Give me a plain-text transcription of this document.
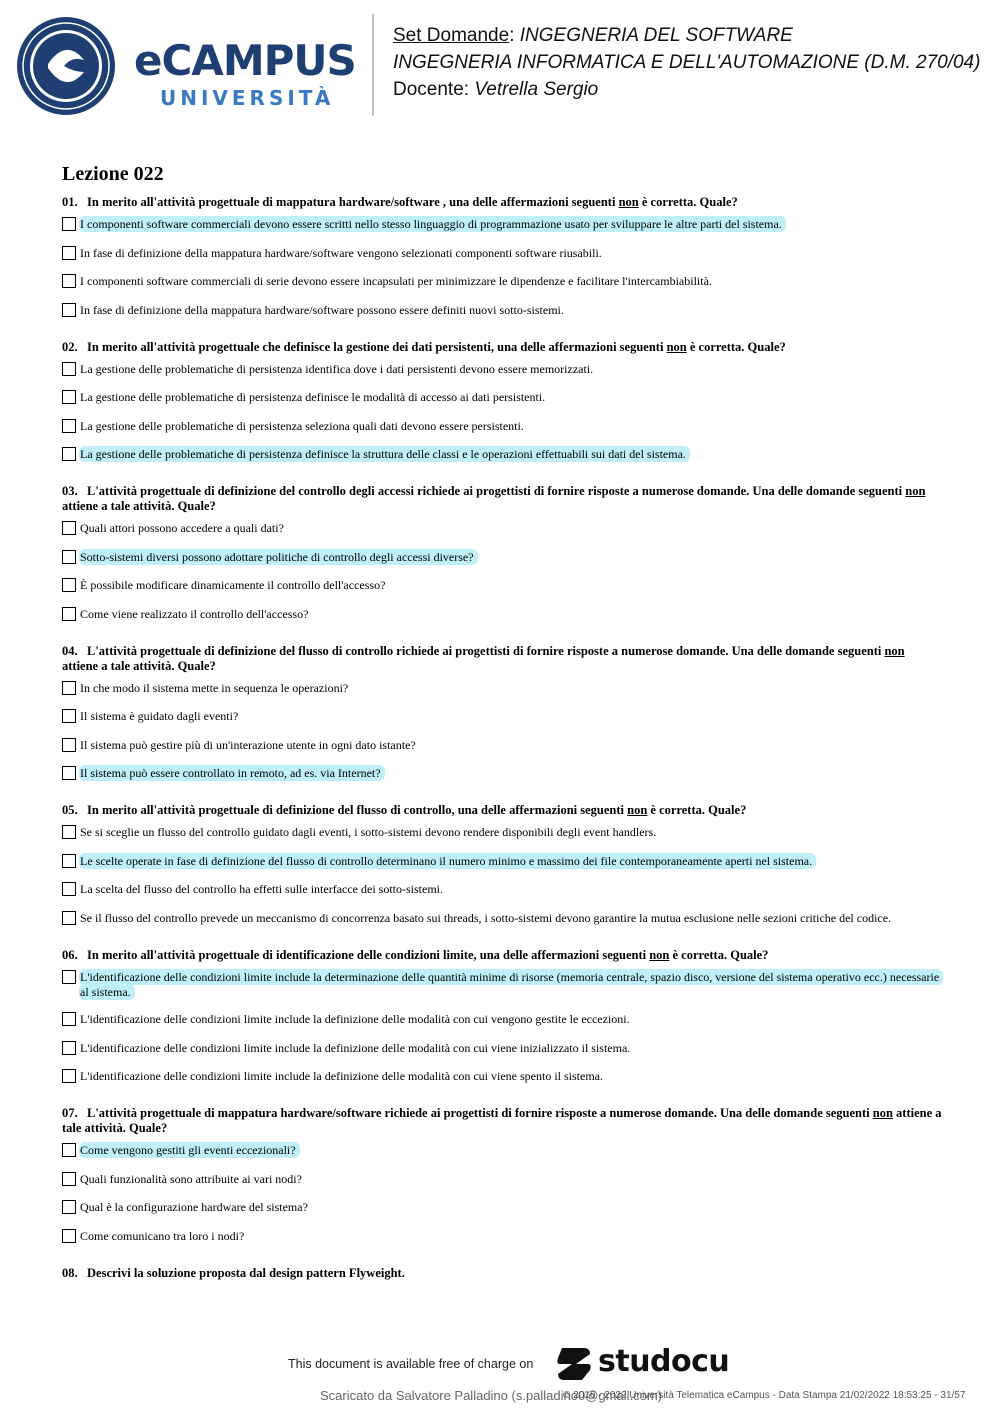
eCAMPUS
UNIVERSITÀ
Set Domande: INGEGNERIA DEL SOFTWARE
INGEGNERIA INFORMATICA E DELL'AUTOMAZIONE (D.M. 270/04)
Docente: Vetrella Sergio
Lezione 022
01. In merito all'attività progettuale di mappatura hardware/software , una delle affermazioni seguenti non è corretta. Quale?
I componenti software commerciali devono essere scritti nello stesso linguaggio di programmazione usato per sviluppare le altre parti del sistema.
In fase di definizione della mappatura hardware/software vengono selezionati componenti software riusabili.
I componenti software commerciali di serie devono essere incapsulati per minimizzare le dipendenze e facilitare l'intercambiabilità.
In fase di definizione della mappatura hardware/software possono essere definiti nuovi sotto-sistemi.
02. In merito all'attività progettuale che definisce la gestione dei dati persistenti, una delle affermazioni seguenti non è corretta. Quale?
La gestione delle problematiche di persistenza identifica dove i dati persistenti devono essere memorizzati.
La gestione delle problematiche di persistenza definisce le modalità di accesso ai dati persistenti.
La gestione delle problematiche di persistenza seleziona quali dati devono essere persistenti.
La gestione delle problematiche di persistenza definisce la struttura delle classi e le operazioni effettuabili sui dati del sistema.
03. L'attività progettuale di definizione del controllo degli accessi richiede ai progettisti di fornire risposte a numerose domande. Una delle domande seguenti non attiene a tale attività. Quale?
Quali attori possono accedere a quali dati?
Sotto-sistemi diversi possono adottare politiche di controllo degli accessi diverse?
È possibile modificare dinamicamente il controllo dell'accesso?
Come viene realizzato il controllo dell'accesso?
04. L'attività progettuale di definizione del flusso di controllo richiede ai progettisti di fornire risposte a numerose domande. Una delle domande seguenti non attiene a tale attività. Quale?
In che modo il sistema mette in sequenza le operazioni?
Il sistema è guidato dagli eventi?
Il sistema può gestire più di un'interazione utente in ogni dato istante?
Il sistema può essere controllato in remoto, ad es. via Internet?
05. In merito all'attività progettuale di definizione del flusso di controllo, una delle affermazioni seguenti non è corretta. Quale?
Se si sceglie un flusso del controllo guidato dagli eventi, i sotto-sistemi devono rendere disponibili degli event handlers.
Le scelte operate in fase di definizione del flusso di controllo determinano il numero minimo e massimo dei file contemporaneamente aperti nel sistema.
La scelta del flusso del controllo ha effetti sulle interfacce dei sotto-sistemi.
Se il flusso del controllo prevede un meccanismo di concorrenza basato sui threads, i sotto-sistemi devono garantire la mutua esclusione nelle sezioni critiche del codice.
06. In merito all'attività progettuale di identificazione delle condizioni limite, una delle affermazioni seguenti non è corretta. Quale?
L'identificazione delle condizioni limite include la determinazione delle quantità minime di risorse (memoria centrale, spazio disco, versione del sistema operativo ecc.) necessarie al sistema.
L'identificazione delle condizioni limite include la definizione delle modalità con cui vengono gestite le eccezioni.
L'identificazione delle condizioni limite include la definizione delle modalità con cui viene inizializzato il sistema.
L'identificazione delle condizioni limite include la definizione delle modalità con cui viene spento il sistema.
07. L'attività progettuale di mappatura hardware/software richiede ai progettisti di fornire risposte a numerose domande. Una delle domande seguenti non attiene a tale attività. Quale?
Come vengono gestiti gli eventi eccezionali?
Quali funzionalità sono attribuite ai vari nodi?
Qual è la configurazione hardware del sistema?
Come comunicano tra loro i nodi?
08. Descrivi la soluzione proposta dal design pattern Flyweight.
This document is available free of charge on studocu
Scaricato da Salvatore Palladino (s.palladino0@gmail.com)
© 2016 - 2022 Università Telematica eCampus - Data Stampa 21/02/2022 18:53:25 - 31/57
